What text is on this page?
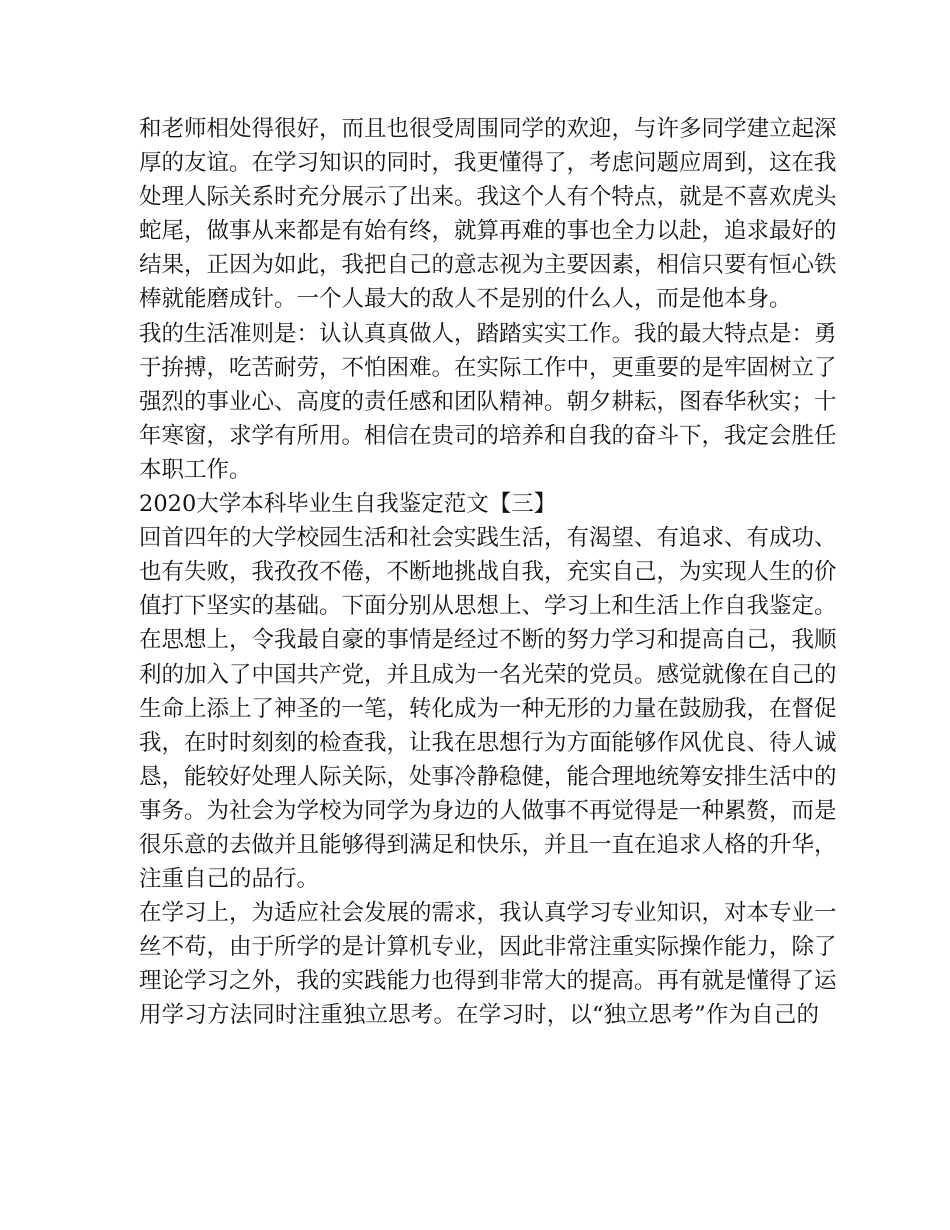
和老师相处得很好，而且也很受周围同学的欢迎，与许多同学建立起深
厚的友谊。在学习知识的同时，我更懂得了，考虑问题应周到，这在我
处理人际关系时充分展示了出来。我这个人有个特点，就是不喜欢虎头
蛇尾，做事从来都是有始有终，就算再难的事也全力以赴，追求最好的
结果，正因为如此，我把自己的意志视为主要因素，相信只要有恒心铁
棒就能磨成针。一个人最大的敌人不是别的什么人，而是他本身。
我的生活准则是：认认真真做人，踏踏实实工作。我的最大特点是：勇
于拚搏，吃苦耐劳，不怕困难。在实际工作中，更重要的是牢固树立了
强烈的事业心、高度的责任感和团队精神。朝夕耕耘，图春华秋实；十
年寒窗，求学有所用。相信在贵司的培养和自我的奋斗下，我定会胜任
本职工作。
2020大学本科毕业生自我鉴定范文【三】
回首四年的大学校园生活和社会实践生活，有渴望、有追求、有成功、
也有失败，我孜孜不倦，不断地挑战自我，充实自己，为实现人生的价
值打下坚实的基础。下面分别从思想上、学习上和生活上作自我鉴定。
在思想上，令我最自豪的事情是经过不断的努力学习和提高自己，我顺
利的加入了中国共产党，并且成为一名光荣的党员。感觉就像在自己的
生命上添上了神圣的一笔，转化成为一种无形的力量在鼓励我，在督促
我，在时时刻刻的检查我，让我在思想行为方面能够作风优良、待人诚
恳，能较好处理人际关际，处事冷静稳健，能合理地统筹安排生活中的
事务。为社会为学校为同学为身边的人做事不再觉得是一种累赘，而是
很乐意的去做并且能够得到满足和快乐，并且一直在追求人格的升华，
注重自己的品行。
在学习上，为适应社会发展的需求，我认真学习专业知识，对本专业一
丝不苟，由于所学的是计算机专业，因此非常注重实际操作能力，除了
理论学习之外，我的实践能力也得到非常大的提高。再有就是懂得了运
用学习方法同时注重独立思考。在学习时，以“独立思考”作为自己的
